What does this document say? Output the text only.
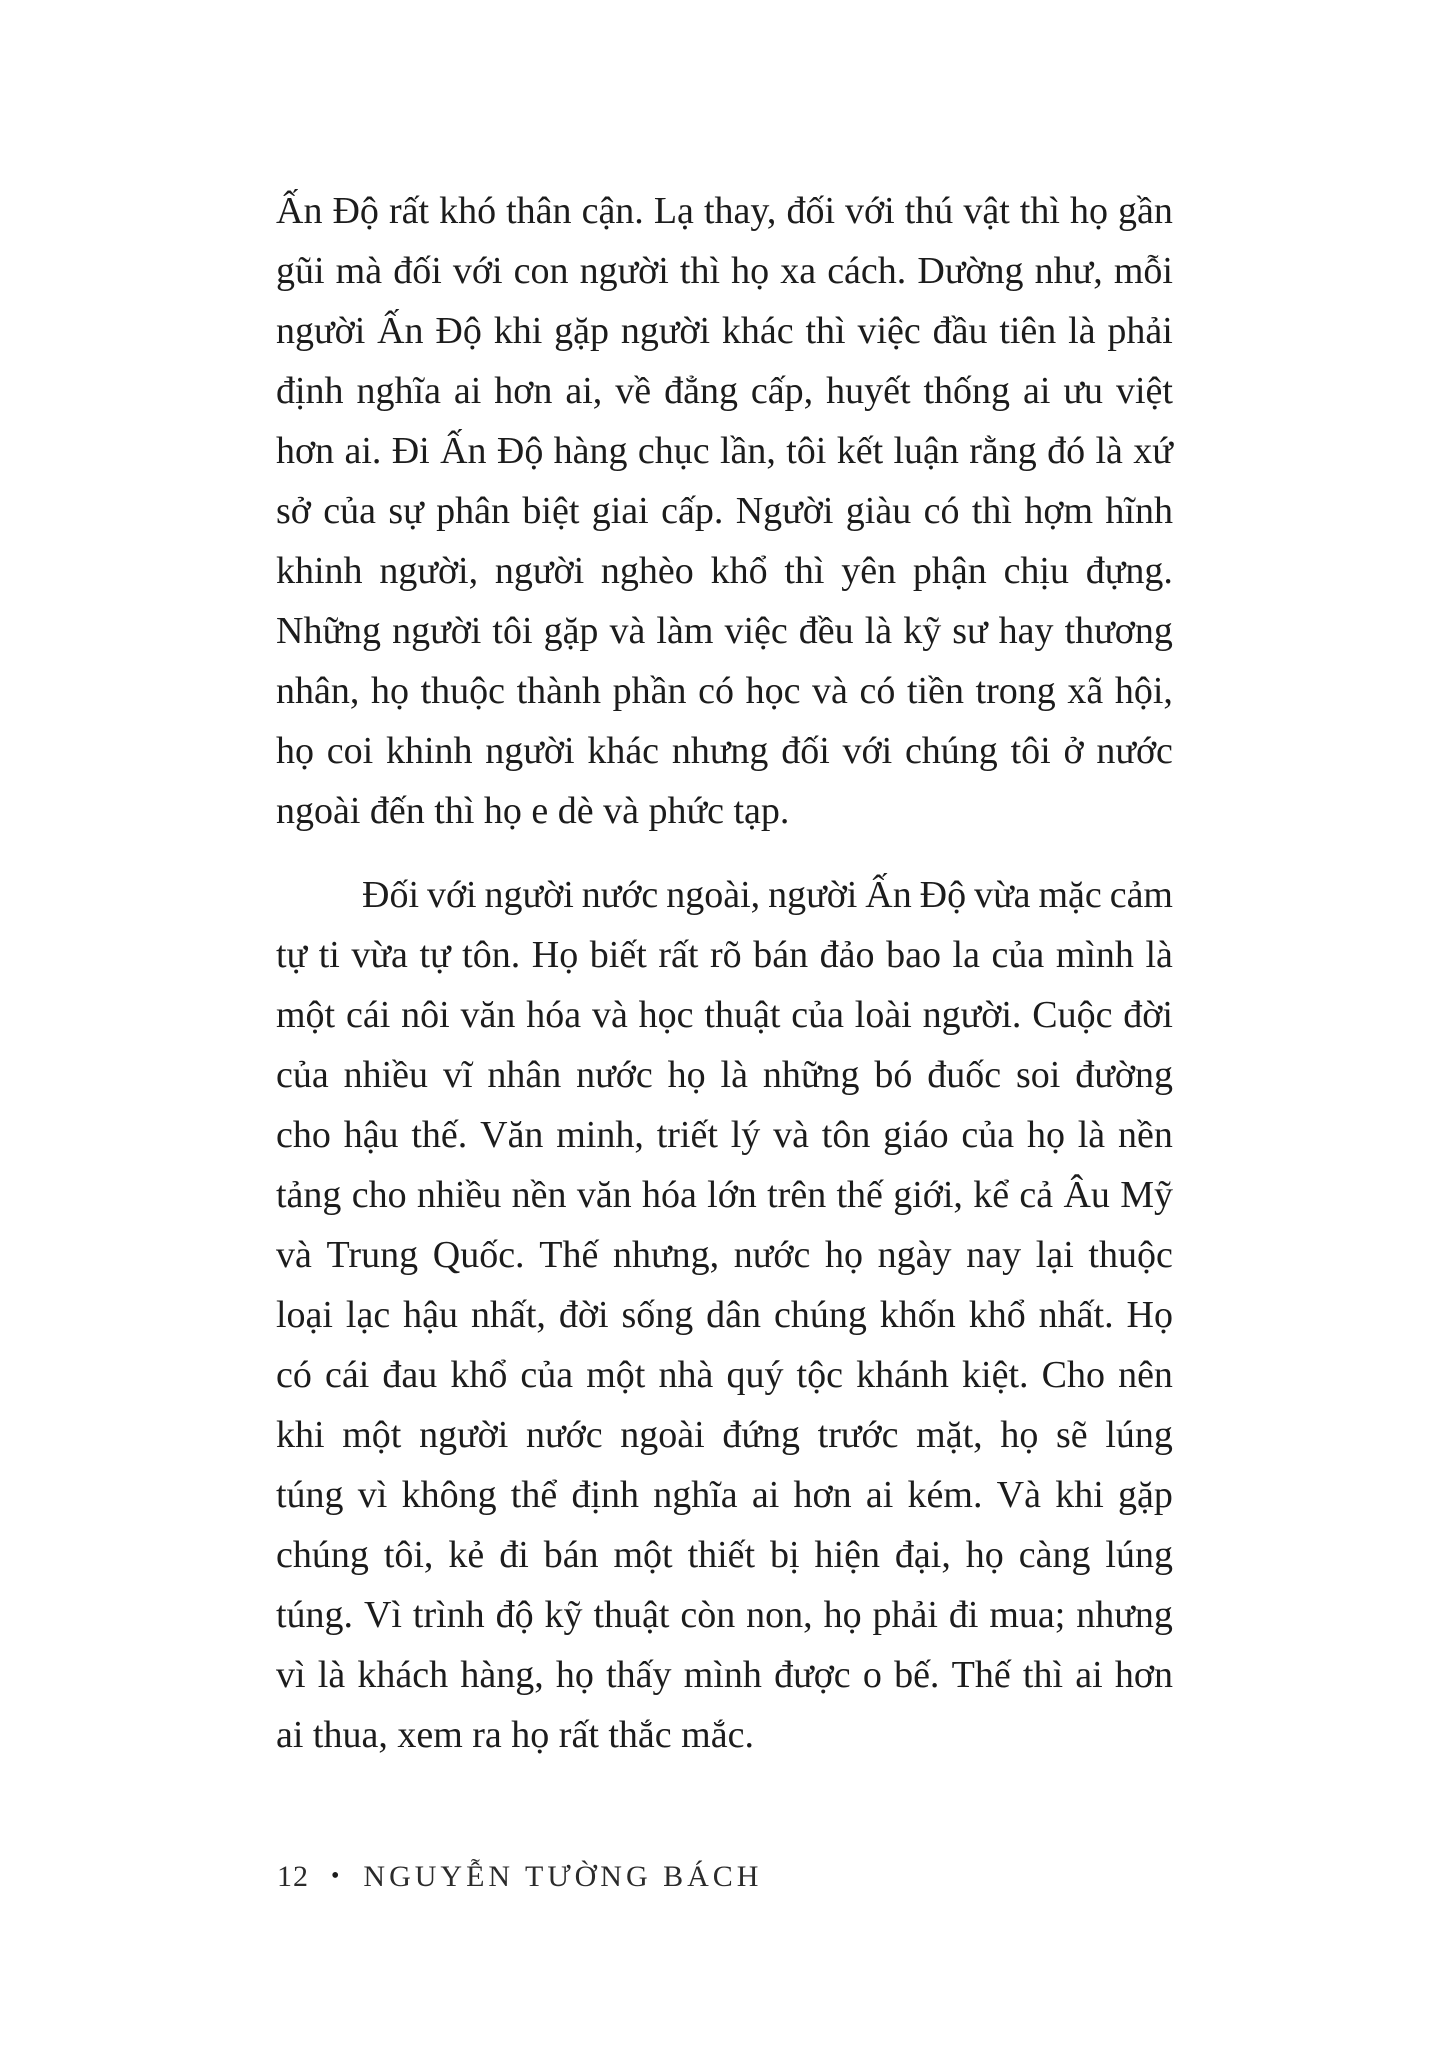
Ấn Độ rất khó thân cận. Lạ thay, đối với thú vật thì họ gần
gũi mà đối với con người thì họ xa cách. Dường như, mỗi
người Ấn Độ khi gặp người khác thì việc đầu tiên là phải
định nghĩa ai hơn ai, về đẳng cấp, huyết thống ai ưu việt
hơn ai. Đi Ấn Độ hàng chục lần, tôi kết luận rằng đó là xứ
sở của sự phân biệt giai cấp. Người giàu có thì hợm hĩnh
khinh người, người nghèo khổ thì yên phận chịu đựng.
Những người tôi gặp và làm việc đều là kỹ sư hay thương
nhân, họ thuộc thành phần có học và có tiền trong xã hội,
họ coi khinh người khác nhưng đối với chúng tôi ở nước
ngoài đến thì họ e dè và phức tạp.
Đối với người nước ngoài, người Ấn Độ vừa mặc cảm
tự ti vừa tự tôn. Họ biết rất rõ bán đảo bao la của mình là
một cái nôi văn hóa và học thuật của loài người. Cuộc đời
của nhiều vĩ nhân nước họ là những bó đuốc soi đường
cho hậu thế. Văn minh, triết lý và tôn giáo của họ là nền
tảng cho nhiều nền văn hóa lớn trên thế giới, kể cả Âu Mỹ
và Trung Quốc. Thế nhưng, nước họ ngày nay lại thuộc
loại lạc hậu nhất, đời sống dân chúng khốn khổ nhất. Họ
có cái đau khổ của một nhà quý tộc khánh kiệt. Cho nên
khi một người nước ngoài đứng trước mặt, họ sẽ lúng
túng vì không thể định nghĩa ai hơn ai kém. Và khi gặp
chúng tôi, kẻ đi bán một thiết bị hiện đại, họ càng lúng
túng. Vì trình độ kỹ thuật còn non, họ phải đi mua; nhưng
vì là khách hàng, họ thấy mình được o bế. Thế thì ai hơn
ai thua, xem ra họ rất thắc mắc.
12 • NGUYỄN TƯỜNG BÁCH
